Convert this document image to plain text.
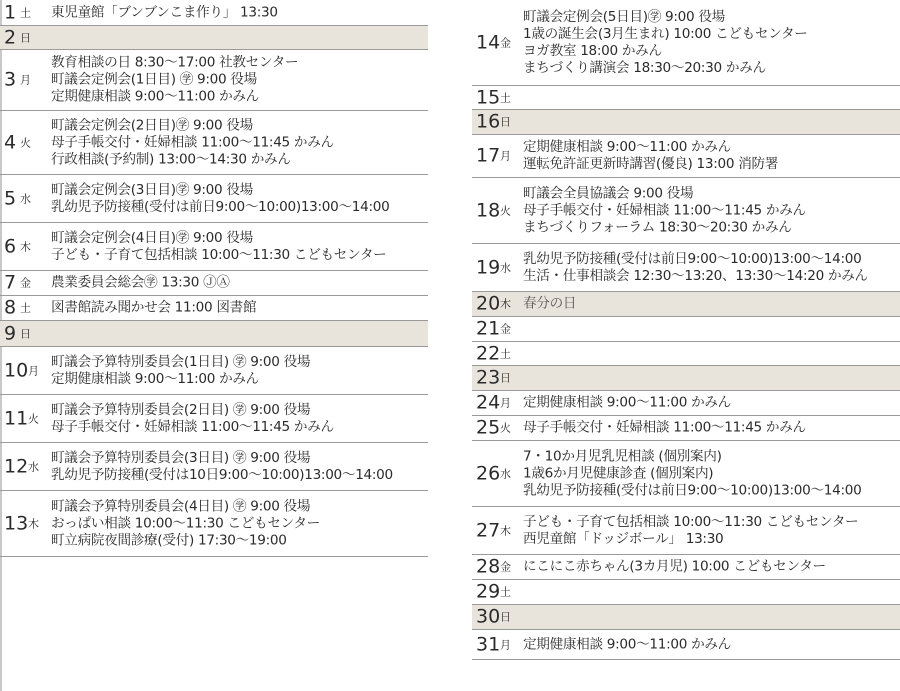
1 土 東児童館「ブンブンこま作り」 13:30
2 日
3 月
教育相談の日 8:30〜17:00 社教センター
町議会定例会(1日目) ㊫ 9:00 役場
定期健康相談 9:00〜11:00 かみん
4 火
町議会定例会(2日目)㊫ 9:00 役場
母子手帳交付・妊婦相談 11:00〜11:45 かみん
行政相談(予約制) 13:00〜14:30 かみん
5 水
町議会定例会(3日目)㊫ 9:00 役場
乳幼児予防接種(受付は前日9:00〜10:00)13:00〜14:00
6 木
町議会定例会(4日目)㊫ 9:00 役場
子ども・子育て包括相談 10:00〜11:30 こどもセンター
7 金 農業委員会総会㊫ 13:30 ⒿⒶ
8 土 図書館読み聞かせ会 11:00 図書館
9 日
10 月
町議会予算特別委員会(1日目) ㊫ 9:00 役場
定期健康相談 9:00〜11:00 かみん
11 火
町議会予算特別委員会(2日目) ㊫ 9:00 役場
母子手帳交付・妊婦相談 11:00〜11:45 かみん
12 水
町議会予算特別委員会(3日目) ㊫ 9:00 役場
乳幼児予防接種(受付は10日9:00〜10:00)13:00〜14:00
13 木
町議会予算特別委員会(4日目) ㊫ 9:00 役場
おっぱい相談 10:00〜11:30 こどもセンター
町立病院夜間診療(受付) 17:30〜19:00
14 金
町議会定例会(5日目)㊫ 9:00 役場
1歳の誕生会(3月生まれ) 10:00 こどもセンター
ヨガ教室 18:00 かみん
まちづくり講演会 18:30〜20:30 かみん
15 土
16 日
17 月
定期健康相談 9:00〜11:00 かみん
運転免許証更新時講習(優良) 13:00 消防署
18 火
町議会全員協議会 9:00 役場
母子手帳交付・妊婦相談 11:00〜11:45 かみん
まちづくりフォーラム 18:30〜20:30 かみん
19 水
乳幼児予防接種(受付は前日9:00〜10:00)13:00〜14:00
生活・仕事相談会 12:30〜13:20、13:30〜14:20 かみん
20 木 春分の日
21 金
22 土
23 日
24 月 定期健康相談 9:00〜11:00 かみん
25 火 母子手帳交付・妊婦相談 11:00〜11:45 かみん
26 水
7・10か月児乳児相談 (個別案内)
1歳6か月児健康診査 (個別案内)
乳幼児予防接種(受付は前日9:00〜10:00)13:00〜14:00
27 木
子ども・子育て包括相談 10:00〜11:30 こどもセンター
西児童館「ドッジボール」 13:30
28 金 にこにこ赤ちゃん(3カ月児) 10:00 こどもセンター
29 土
30 日
31 月 定期健康相談 9:00〜11:00 かみん
